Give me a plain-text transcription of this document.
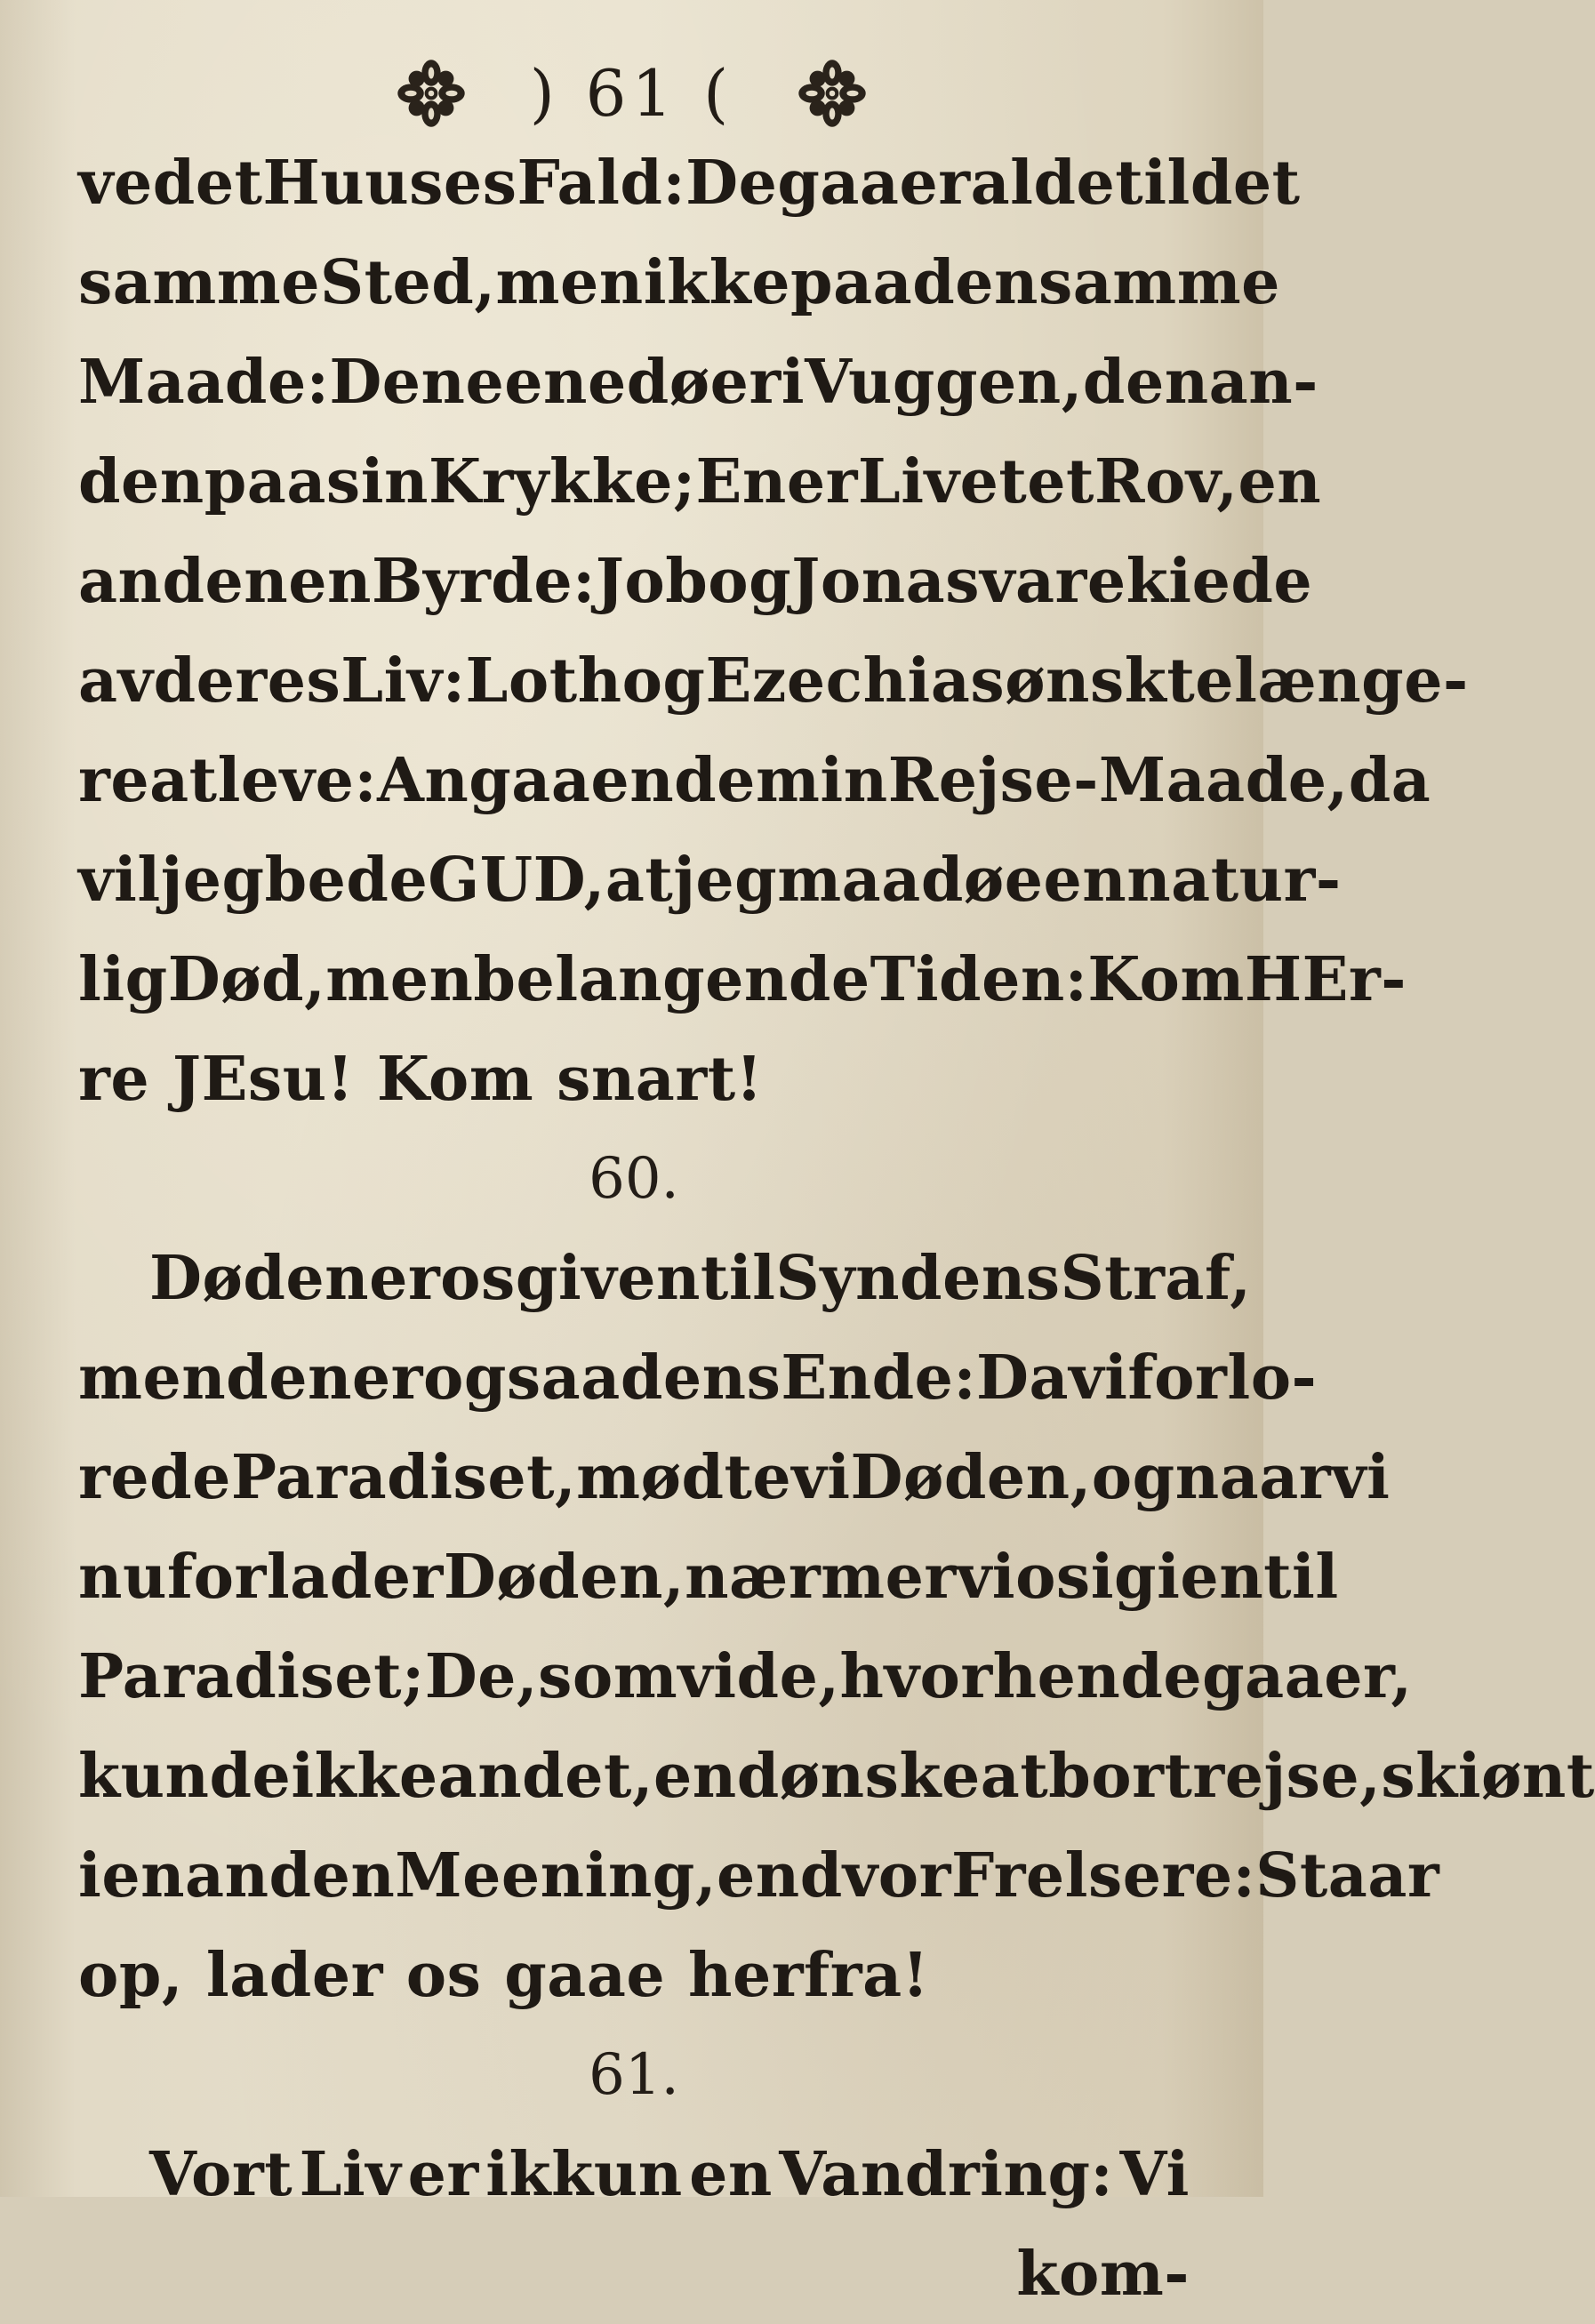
) 61 (
ved et Huuses Fald: De gaaer alde til det
samme Sted, men ikke paa den samme
Maade: Den eene døer i Vuggen, den an-
den paa sin Krykke; En er Livet et Rov, en
anden en Byrde: Job og Jonas vare kiede
av deres Liv: Loth og Ezechias ønskte længe-
re at leve: Angaaende min Rejse-Maade, da
vil jeg bede GUD, at jeg maa døe en natur-
lig Død, men belangende Tiden: Kom HEr-
re JEsu! Kom snart!
60.
Døden er os given til Syndens Straf,
men den er ogsaa dens Ende: Da vi forlo-
rede Paradiset, mødte vi Døden, og naar vi
nu forlader Døden, nærmer vi os igien til
Paradiset; De, som vide, hvorhen de gaaer,
kunde ikke andet, end ønske at bortrejse, skiønt
i en anden Meening, end vor Frelsere: Staar
op, lader os gaae herfra!
61.
Vort Liv er ikkun en Vandring: Vi
kom-
